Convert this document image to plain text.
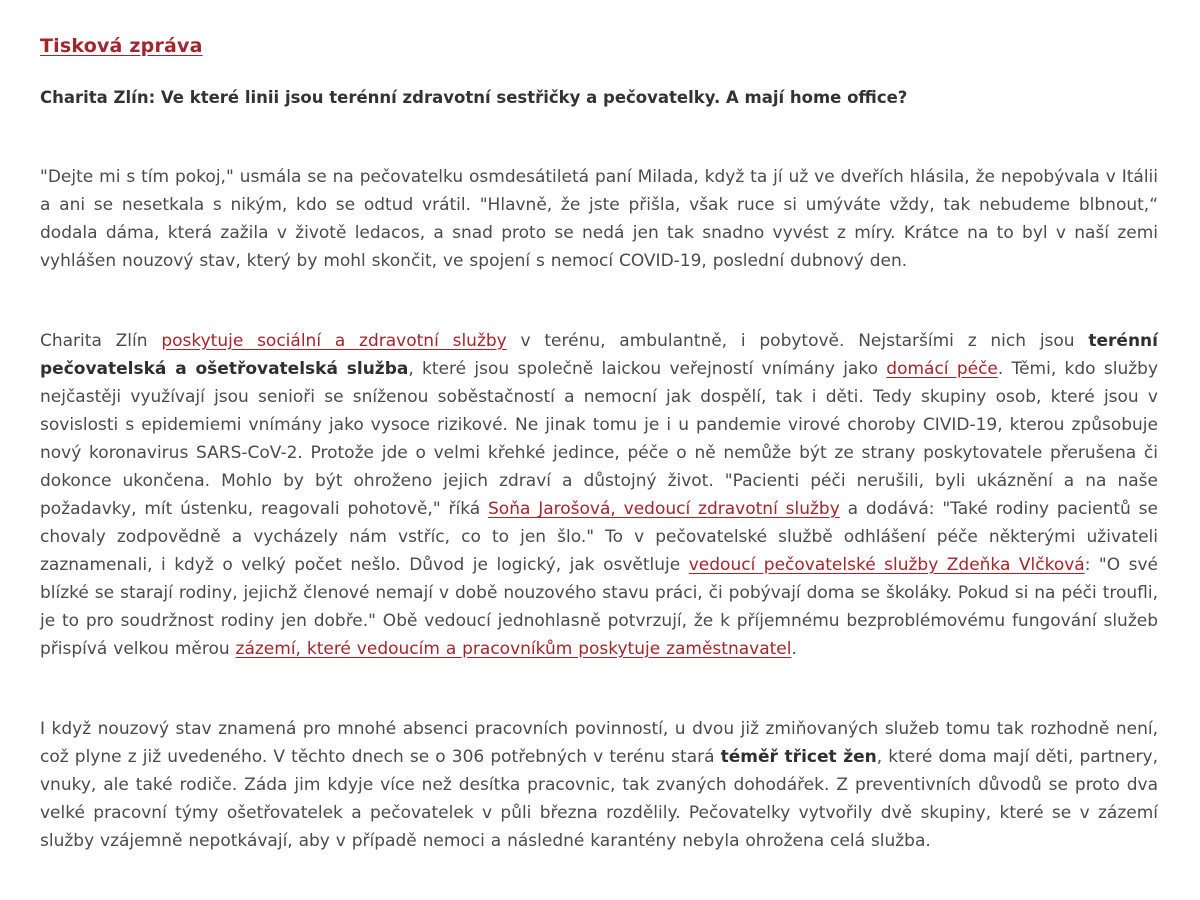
Tisková zpráva
Charita Zlín: Ve které linii jsou terénní zdravotní sestřičky a pečovatelky. A mají home office?

"Dejte mi s tím pokoj," usmála se na pečovatelku osmdesátiletá paní Milada, když ta jí už ve dveřích hlásila, že nepobývala v Itálii a ani se nesetkala s nikým, kdo se odtud vrátil. "Hlavně, že jste přišla, však ruce si umýváte vždy, tak nebudeme blbnout,“ dodala dáma, která zažila v životě ledacos, a snad proto se nedá jen tak snadno vyvést z míry. Krátce na to byl v naší zemi vyhlášen nouzový stav, který by mohl skončit, ve spojení s nemocí COVID-19, poslední dubnový den.

Charita Zlín poskytuje sociální a zdravotní služby v terénu, ambulantně, i pobytově. Nejstaršími z nich jsou terénní pečovatelská a ošetřovatelská služba, které jsou společně laickou veřejností vnímány jako domácí péče. Těmi, kdo služby nejčastěji využívají jsou senioři se sníženou soběstačností a nemocní jak dospělí, tak i děti. Tedy skupiny osob, které jsou v sovislosti s epidemiemi vnímány jako vysoce rizikové. Ne jinak tomu je i u pandemie virové choroby CIVID-19, kterou způsobuje nový koronavirus SARS-CoV-2. Protože jde o velmi křehké jedince, péče o ně nemůže být ze strany poskytovatele přerušena či dokonce ukončena. Mohlo by být ohroženo jejich zdraví a důstojný život. "Pacienti péči nerušili, byli ukáznění a na naše požadavky, mít ústenku, reagovali pohotově," říká Soňa Jarošová, vedoucí zdravotní služby a dodává: "Také rodiny pacientů se chovaly zodpovědně a vycházely nám vstříc, co to jen šlo." To v pečovatelské službě odhlášení péče některými uživateli zaznamenali, i když o velký počet nešlo. Důvod je logický, jak osvětluje vedoucí pečovatelské služby Zdeňka Vlčková: "O své blízké se starají rodiny, jejichž členové nemají v době nouzového stavu práci, či pobývají doma se školáky. Pokud si na péči troufli, je to pro soudržnost rodiny jen dobře." Obě vedoucí jednohlasně potvrzují, že k příjemnému bezproblémovému fungování služeb přispívá velkou měrou zázemí, které vedoucím a pracovníkům poskytuje zaměstnavatel.

I když nouzový stav znamená pro mnohé absenci pracovních povinností, u dvou již zmiňovaných služeb tomu tak rozhodně není, což plyne z již uvedeného. V těchto dnech se o 306 potřebných v terénu stará téměř třicet žen, které doma mají děti, partnery, vnuky, ale také rodiče. Záda jim kdyje více než desítka pracovnic, tak zvaných dohodářek. Z preventivních důvodů se proto dva velké pracovní týmy ošetřovatelek a pečovatelek v půli března rozdělily. Pečovatelky vytvořily dvě skupiny, které se v zázemí služby vzájemně nepotkávají, aby v případě nemoci a následné karantény nebyla ohrožena celá služba.
